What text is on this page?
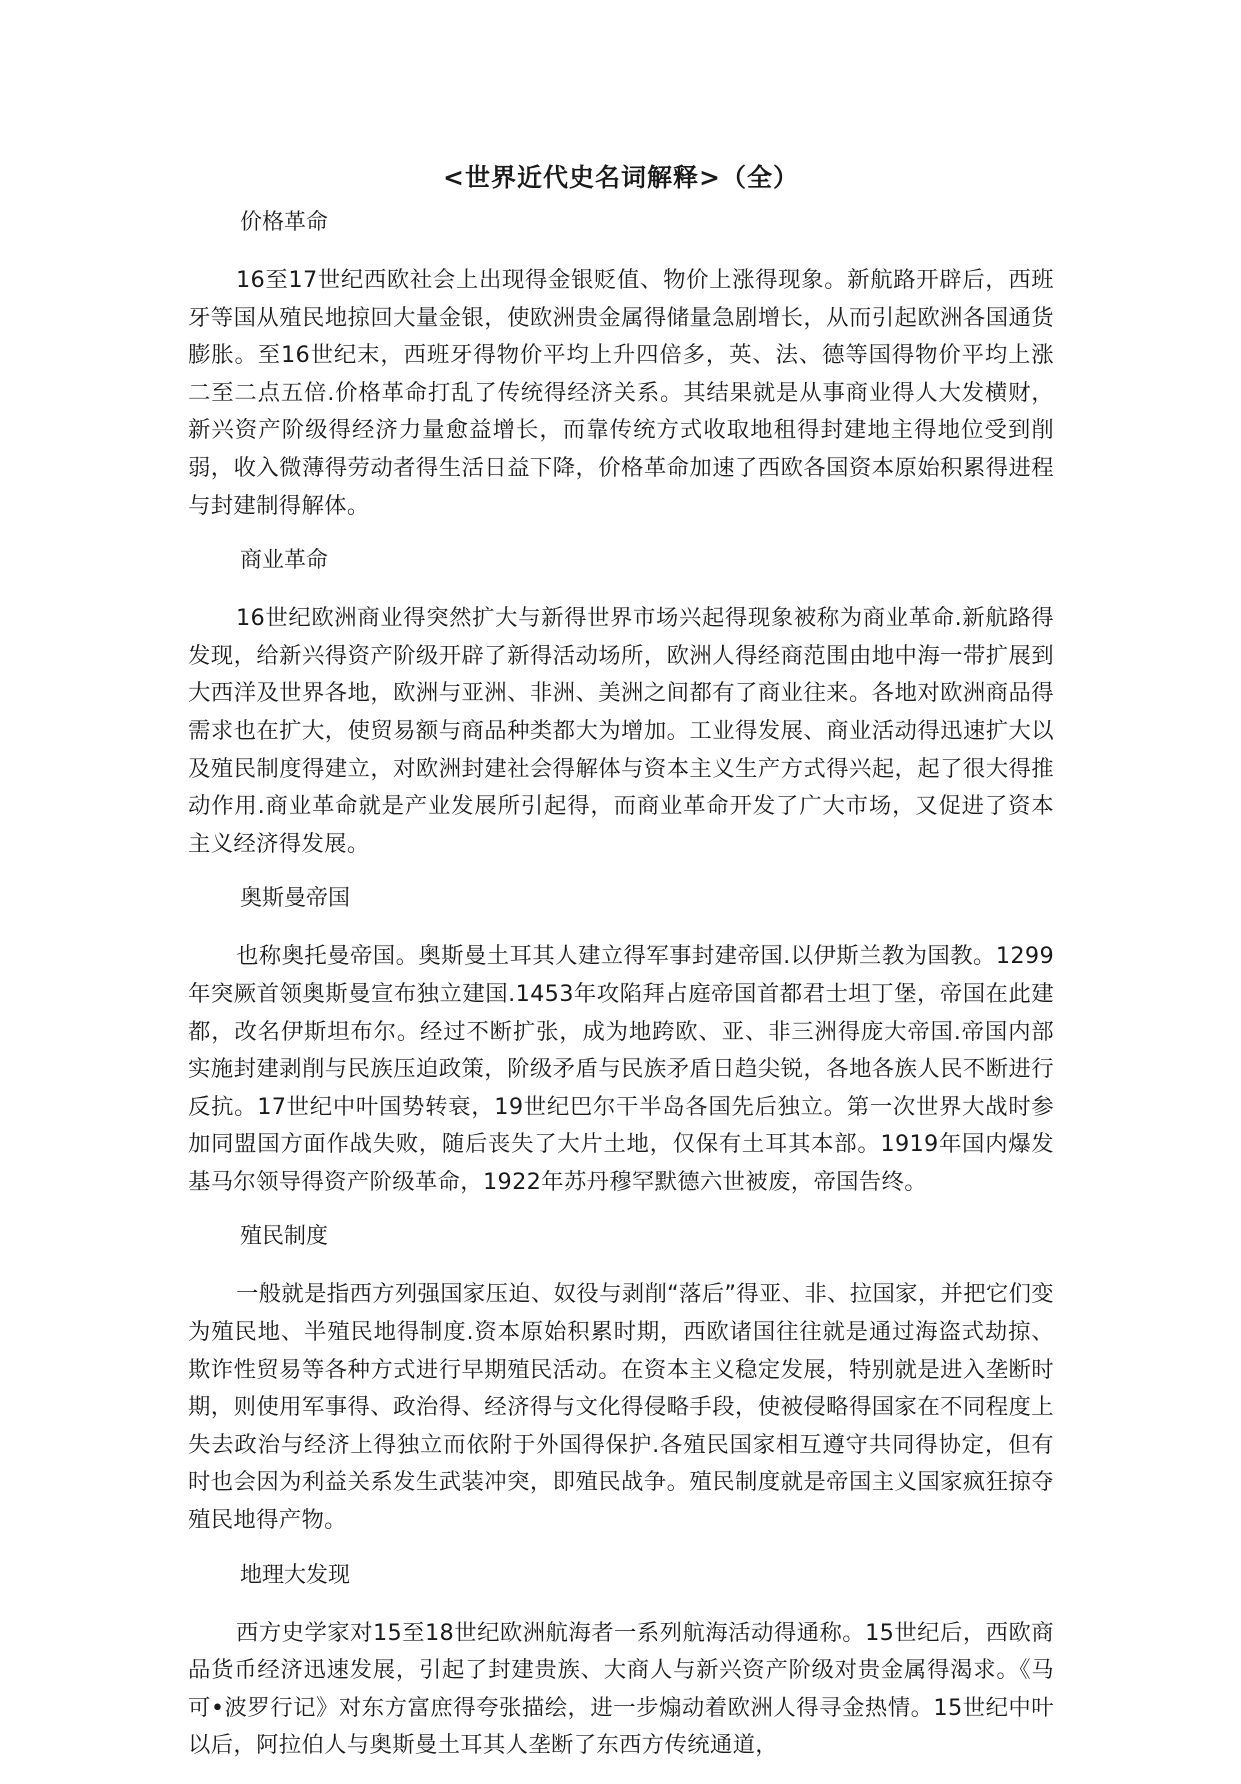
<世界近代史名词解释>（全）

价格革命

16至17世纪西欧社会上出现得金银贬值、物价上涨得现象。新航路开辟后，西班牙等国从殖民地掠回大量金银，使欧洲贵金属得储量急剧增长，从而引起欧洲各国通货膨胀。至16世纪末，西班牙得物价平均上升四倍多，英、法、德等国得物价平均上涨二至二点五倍.价格革命打乱了传统得经济关系。其结果就是从事商业得人大发横财，新兴资产阶级得经济力量愈益增长，而靠传统方式收取地租得封建地主得地位受到削弱，收入微薄得劳动者得生活日益下降，价格革命加速了西欧各国资本原始积累得进程与封建制得解体。

商业革命

16世纪欧洲商业得突然扩大与新得世界市场兴起得现象被称为商业革命.新航路得发现，给新兴得资产阶级开辟了新得活动场所，欧洲人得经商范围由地中海一带扩展到大西洋及世界各地，欧洲与亚洲、非洲、美洲之间都有了商业往来。各地对欧洲商品得需求也在扩大，使贸易额与商品种类都大为增加。工业得发展、商业活动得迅速扩大以及殖民制度得建立，对欧洲封建社会得解体与资本主义生产方式得兴起，起了很大得推动作用.商业革命就是产业发展所引起得，而商业革命开发了广大市场，又促进了资本主义经济得发展。

奥斯曼帝国

也称奥托曼帝国。奥斯曼土耳其人建立得军事封建帝国.以伊斯兰教为国教。1299年突厥首领奥斯曼宣布独立建国.1453年攻陷拜占庭帝国首都君士坦丁堡，帝国在此建都，改名伊斯坦布尔。经过不断扩张，成为地跨欧、亚、非三洲得庞大帝国.帝国内部实施封建剥削与民族压迫政策，阶级矛盾与民族矛盾日趋尖锐，各地各族人民不断进行反抗。17世纪中叶国势转衰，19世纪巴尔干半岛各国先后独立。第一次世界大战时参加同盟国方面作战失败，随后丧失了大片土地，仅保有土耳其本部。1919年国内爆发基马尔领导得资产阶级革命，1922年苏丹穆罕默德六世被废，帝国告终。

殖民制度

一般就是指西方列强国家压迫、奴役与剥削“落后”得亚、非、拉国家，并把它们变为殖民地、半殖民地得制度.资本原始积累时期，西欧诸国往往就是通过海盗式劫掠、欺诈性贸易等各种方式进行早期殖民活动。在资本主义稳定发展，特别就是进入垄断时期，则使用军事得、政治得、经济得与文化得侵略手段，使被侵略得国家在不同程度上失去政治与经济上得独立而依附于外国得保护.各殖民国家相互遵守共同得协定，但有时也会因为利益关系发生武装冲突，即殖民战争。殖民制度就是帝国主义国家疯狂掠夺殖民地得产物。

地理大发现

西方史学家对15至18世纪欧洲航海者一系列航海活动得通称。15世纪后，西欧商品货币经济迅速发展，引起了封建贵族、大商人与新兴资产阶级对贵金属得渴求。《马可•波罗行记》对东方富庶得夸张描绘，进一步煽动着欧洲人得寻金热情。15世纪中叶以后，阿拉伯人与奥斯曼土耳其人垄断了东西方传统通道，
